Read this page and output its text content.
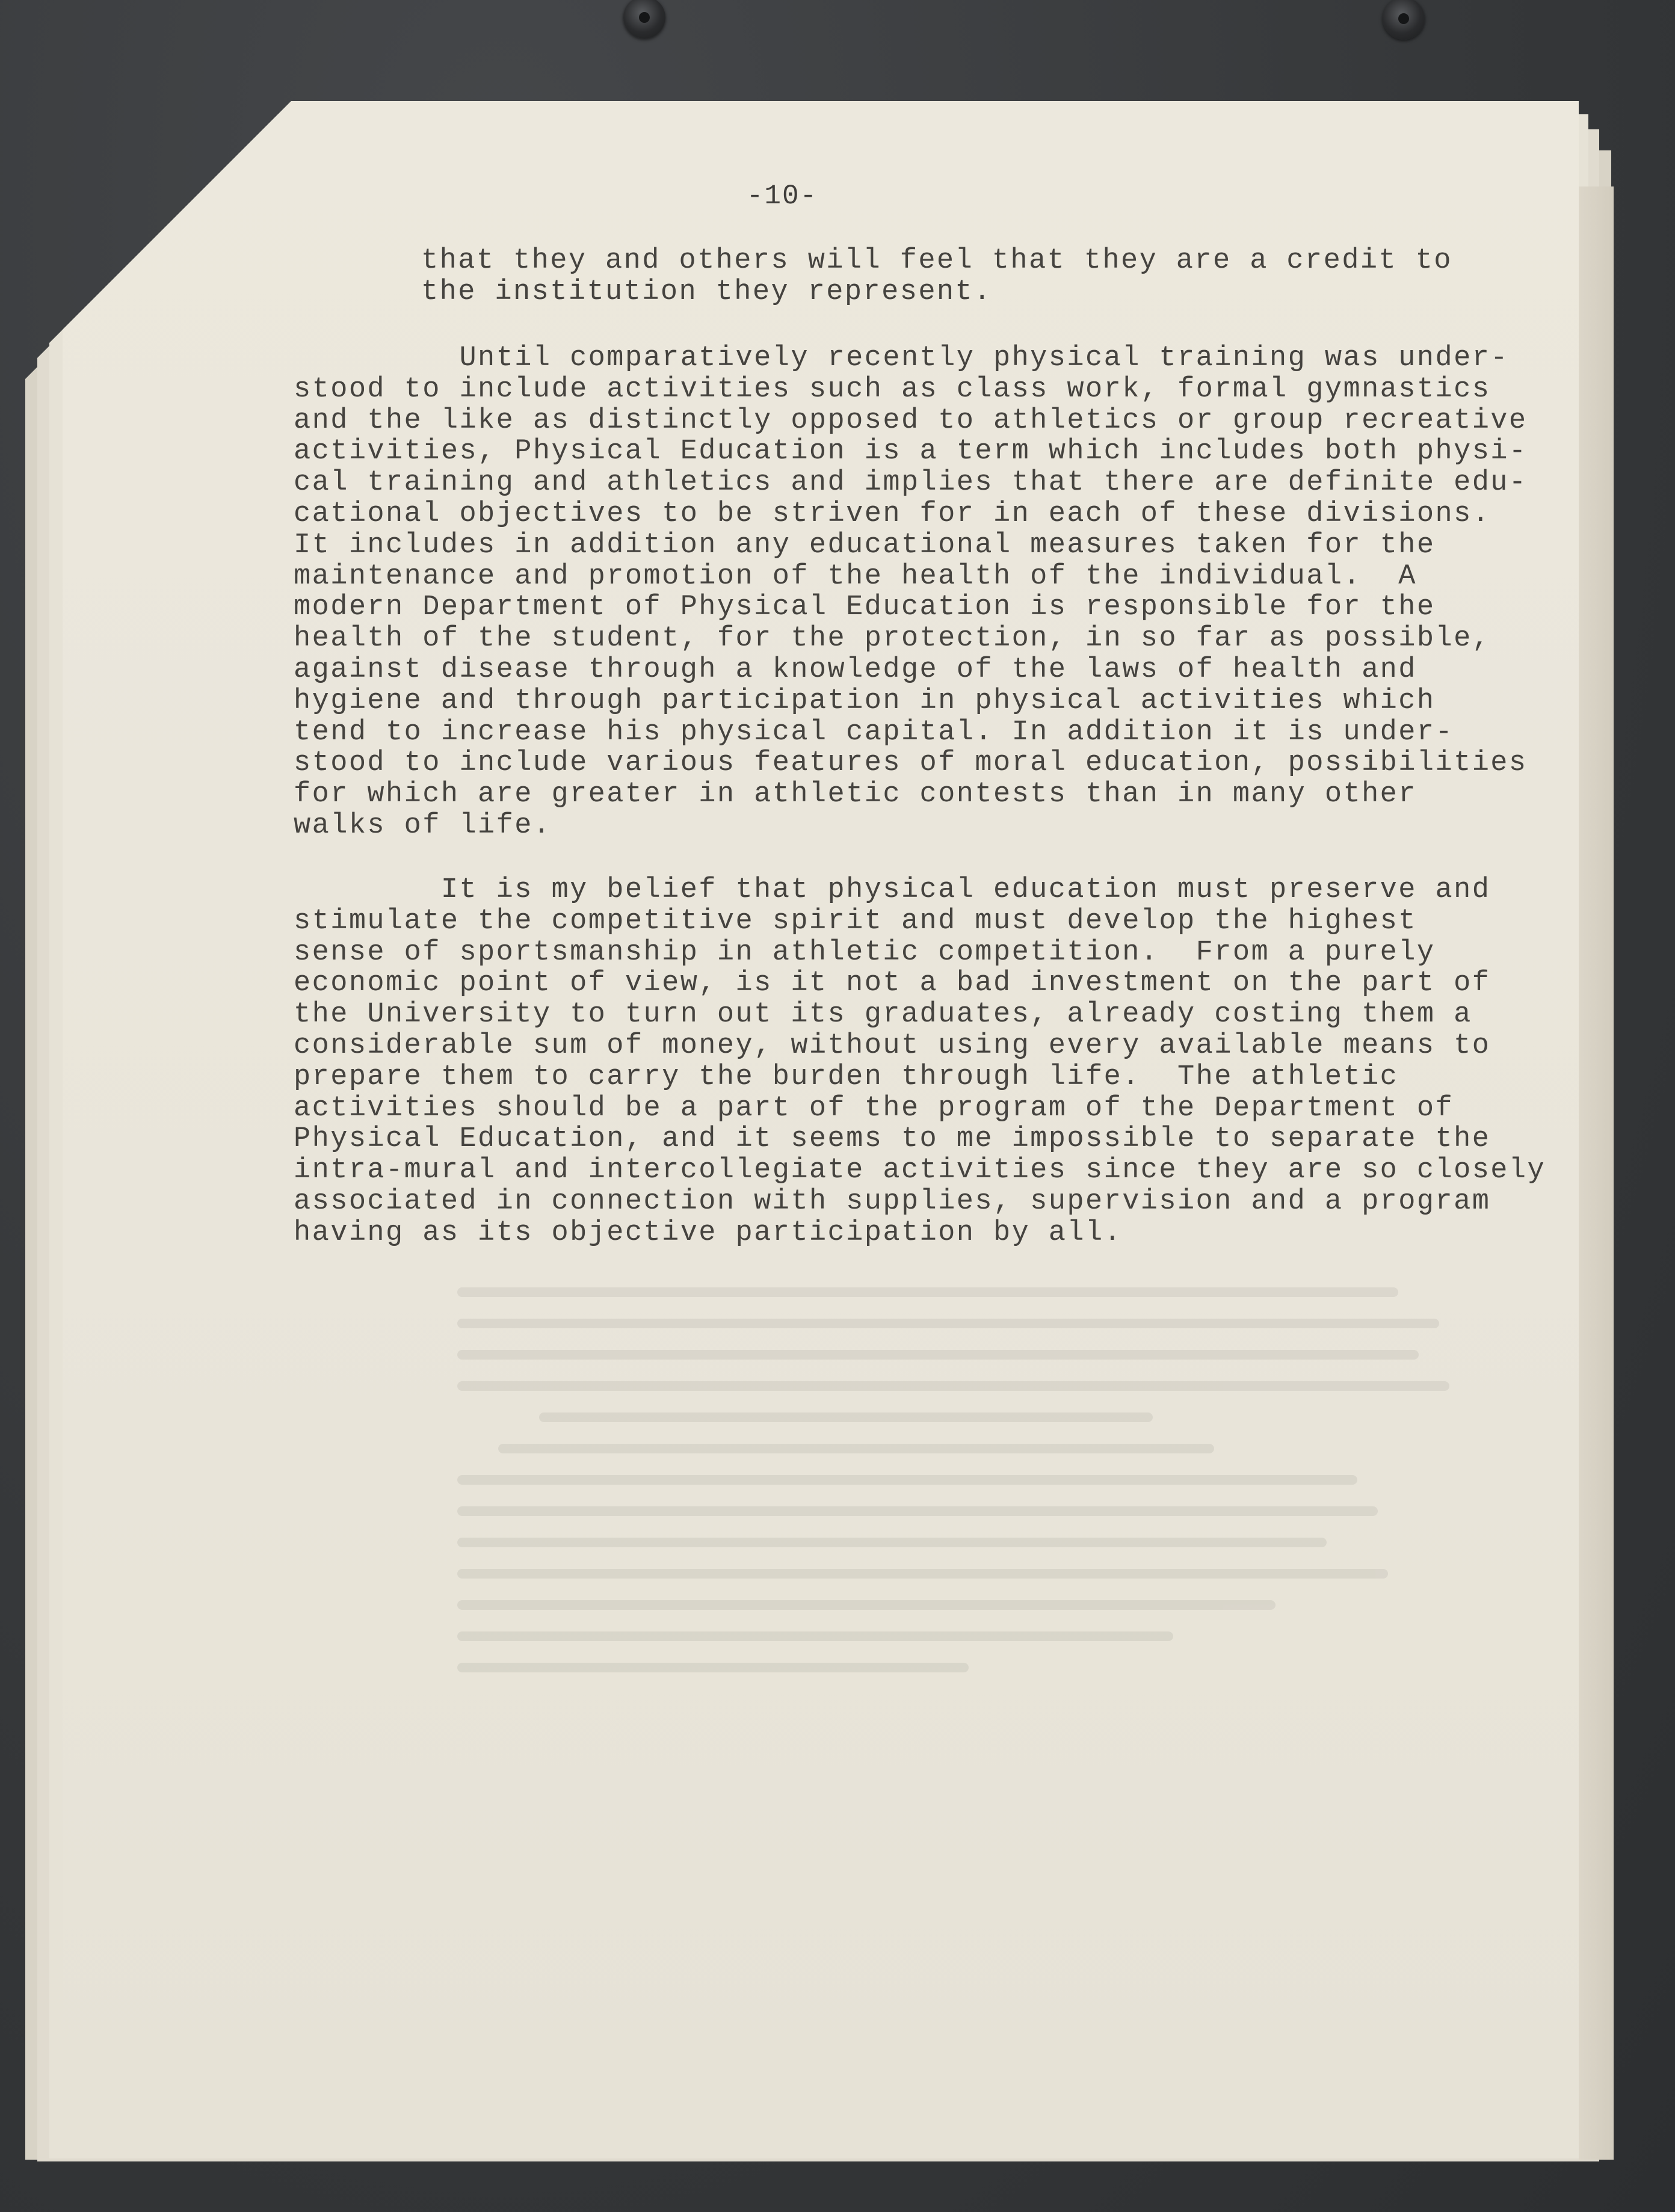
-10-
that they and others will feel that they are a credit to
the institution they represent.
Until comparatively recently physical training was under-
stood to include activities such as class work, formal gymnastics
and the like as distinctly opposed to athletics or group recreative
activities, Physical Education is a term which includes both physi-
cal training and athletics and implies that there are definite edu-
cational objectives to be striven for in each of these divisions.
It includes in addition any educational measures taken for the
maintenance and promotion of the health of the individual.  A
modern Department of Physical Education is responsible for the
health of the student, for the protection, in so far as possible,
against disease through a knowledge of the laws of health and
hygiene and through participation in physical activities which
tend to increase his physical capital. In addition it is under-
stood to include various features of moral education, possibilities
for which are greater in athletic contests than in many other
walks of life.
It is my belief that physical education must preserve and
stimulate the competitive spirit and must develop the highest
sense of sportsmanship in athletic competition.  From a purely
economic point of view, is it not a bad investment on the part of
the University to turn out its graduates, already costing them a
considerable sum of money, without using every available means to
prepare them to carry the burden through life.  The athletic
activities should be a part of the program of the Department of
Physical Education, and it seems to me impossible to separate the
intra-mural and intercollegiate activities since they are so closely
associated in connection with supplies, supervision and a program
having as its objective participation by all.
